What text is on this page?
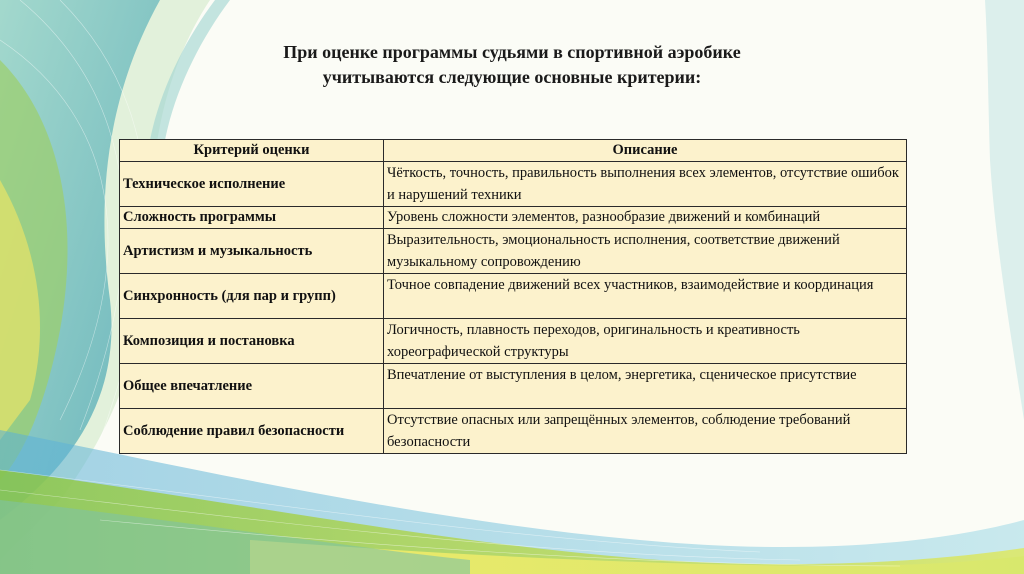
При оценке программы судьями в спортивной аэробике
учитываются следующие основные критерии:
Критерий оценки	Описание
Техническое исполнение	Чёткость, точность, правильность выполнения всех элементов, отсутствие ошибок и нарушений техники
Сложность программы	Уровень сложности элементов, разнообразие движений и комбинаций
Артистизм и музыкальность	Выразительность, эмоциональность исполнения, соответствие движений музыкальному сопровождению
Синхронность (для пар и групп)	Точное совпадение движений всех участников, взаимодействие и координация
Композиция и постановка	Логичность, плавность переходов, оригинальность и креативность хореографической структуры
Общее впечатление	Впечатление от выступления в целом, энергетика, сценическое присутствие
Соблюдение правил безопасности	Отсутствие опасных или запрещённых элементов, соблюдение требований безопасности
